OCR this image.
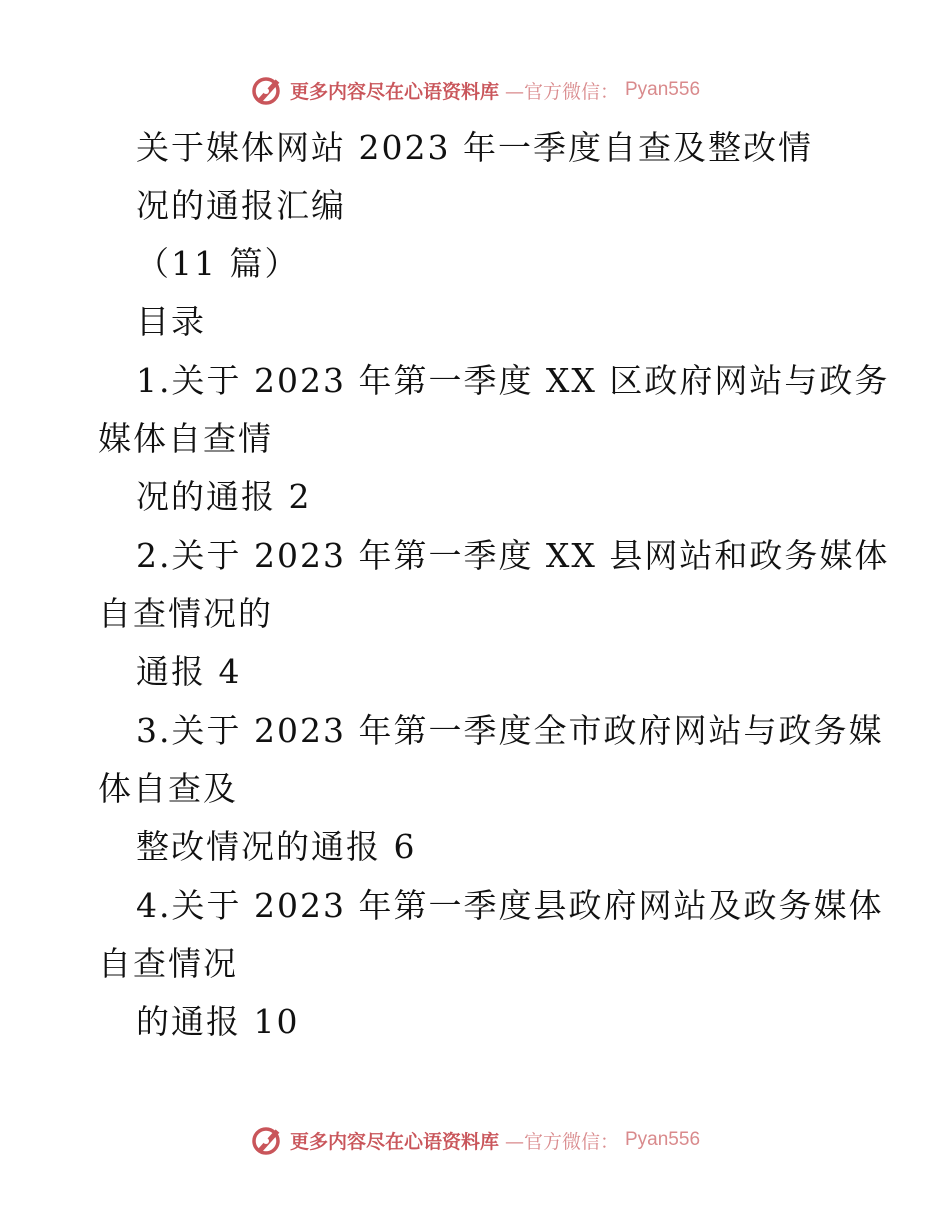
更多内容尽在心语资料库 —官方微信： Pyan556
关于媒体网站 2023 年一季度自查及整改情
况的通报汇编
（11 篇）
目录
1.关于 2023 年第一季度 XX 区政府网站与政务
媒体自查情
况的通报 2
2.关于 2023 年第一季度 XX 县网站和政务媒体
自查情况的
通报 4
3.关于 2023 年第一季度全市政府网站与政务媒
体自查及
整改情况的通报 6
4.关于 2023 年第一季度县政府网站及政务媒体
自查情况
的通报 10
更多内容尽在心语资料库 —官方微信： Pyan556
